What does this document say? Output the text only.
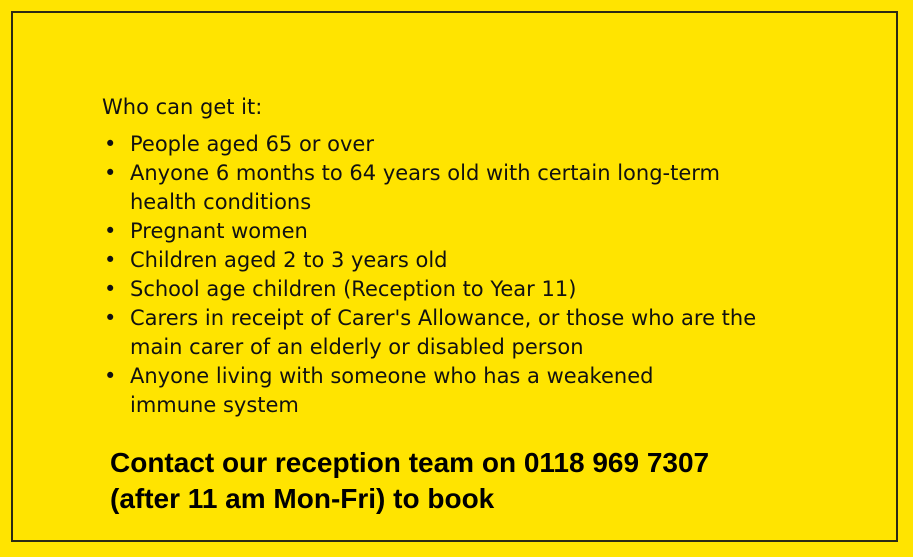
Who can get it:

• People aged 65 or over
• Anyone 6 months to 64 years old with certain long-term
health conditions
• Pregnant women
• Children aged 2 to 3 years old
• School age children (Reception to Year 11)
• Carers in receipt of Carer's Allowance, or those who are the
main carer of an elderly or disabled person
• Anyone living with someone who has a weakened
immune system

Contact our reception team on 0118 969 7307
(after 11 am Mon-Fri) to book
